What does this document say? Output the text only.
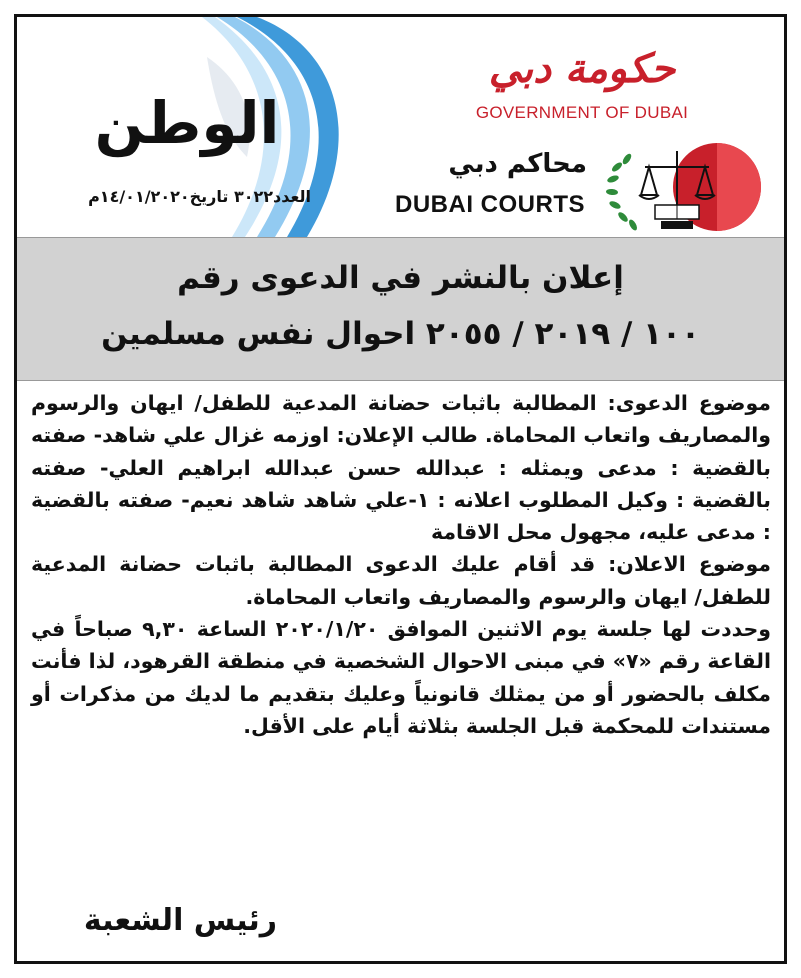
الوطن
العدد٣٠٢٢ تاريخ١٤/٠١/٢٠٢٠م
حكومة دبي
GOVERNMENT OF DUBAI
محاكم دبي
DUBAI COURTS
إعلان بالنشر في الدعوى رقم
١٠٠ / ٢٠١٩ / ٢٠٥٥ احوال نفس مسلمين

موضوع الدعوى: المطالبة باثبات حضانة المدعية للطفل/ ايهان والرسوم والمصاريف واتعاب المحاماة. طالب الإعلان: اوزمه غزال علي شاهد- صفته بالقضية : مدعى ويمثله : عبدالله حسن عبدالله ابراهيم العلي- صفته بالقضية : وكيل المطلوب اعلانه : ١-علي شاهد شاهد نعيم- صفته بالقضية : مدعى عليه، مجهول محل الاقامة

موضوع الاعلان: قد أقام عليك الدعوى المطالبة باثبات حضانة المدعية للطفل/ ايهان والرسوم والمصاريف واتعاب المحاماة.

وحددت لها جلسة يوم الاثنين الموافق ٢٠٢٠/١/٢٠ الساعة ٩,٣٠ صباحاً في القاعة رقم «٧» في مبنى الاحوال الشخصية في منطقة القرهود، لذا فأنت مكلف بالحضور أو من يمثلك قانونياً وعليك بتقديم ما لديك من مذكرات أو مستندات للمحكمة قبل الجلسة بثلاثة أيام على الأقل.

رئيس الشعبة
